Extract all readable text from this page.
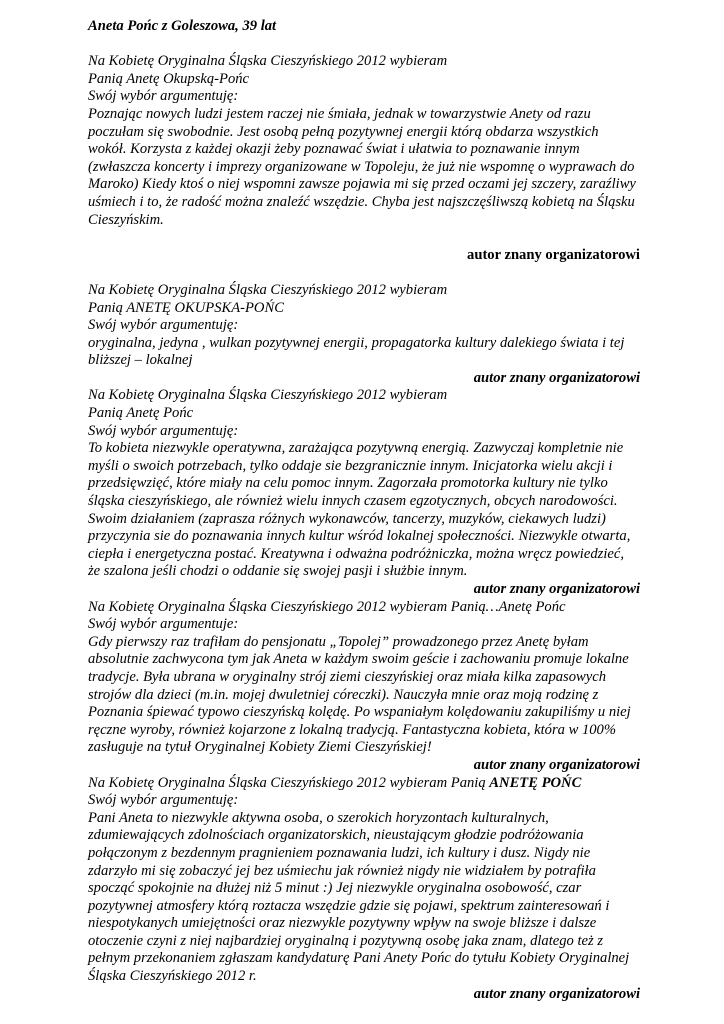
Aneta Pońc z Goleszowa, 39 lat
Na Kobietę Oryginalna Śląska Cieszyńskiego 2012 wybieram
Panią Anetę Okupską-Pońc
Swój wybór argumentuję:
Poznając nowych ludzi jestem raczej nie śmiała, jednak w towarzystwie Anety od razu
poczułam się swobodnie. Jest osobą pełną pozytywnej energii którą obdarza wszystkich
wokół. Korzysta z każdej okazji żeby poznawać świat i ułatwia to poznawanie innym
(zwłaszcza koncerty i imprezy organizowane w Topoleju, że już nie wspomnę o wyprawach do
Maroko) Kiedy ktoś o niej wspomni zawsze pojawia mi się przed oczami jej szczery, zaraźliwy
uśmiech i to, że radość można znaleźć wszędzie. Chyba jest najszczęśliwszą kobietą na Śląsku
Cieszyńskim.
autor znany organizatorowi
Na Kobietę Oryginalna Śląska Cieszyńskiego 2012 wybieram
Panią ANETĘ OKUPSKA-POŃC
Swój wybór argumentuję:
oryginalna, jedyna , wulkan pozytywnej energii, propagatorka kultury dalekiego świata i tej
bliższej – lokalnej
autor znany organizatorowi
Na Kobietę Oryginalna Śląska Cieszyńskiego 2012 wybieram
Panią Anetę Pońc
Swój wybór argumentuję:
To kobieta niezwykle operatywna, zarażająca pozytywną energią. Zazwyczaj kompletnie nie
myśli o swoich potrzebach, tylko oddaje sie bezgranicznie innym. Inicjatorka wielu akcji i
przedsięwzięć, które miały na celu pomoc innym. Zagorzała promotorka kultury nie tylko
śląska cieszyńskiego, ale również wielu innych czasem egzotycznych, obcych narodowości.
Swoim działaniem (zaprasza różnych wykonawców, tancerzy, muzyków, ciekawych ludzi)
przyczynia sie do poznawania innych kultur wśród lokalnej społeczności. Niezwykle otwarta,
ciepła i energetyczna postać. Kreatywna i odważna podróżniczka, można wręcz powiedzieć,
że szalona jeśli chodzi o oddanie się swojej pasji i służbie innym.
autor znany organizatorowi
Na Kobietę Oryginalna Śląska Cieszyńskiego 2012 wybieram Panią…Anetę Pońc
Swój wybór argumentuje:
Gdy pierwszy raz trafiłam do pensjonatu „Topolej” prowadzonego przez Anetę byłam
absolutnie zachwycona tym jak Aneta w każdym swoim geście i zachowaniu promuje lokalne
tradycje. Była ubrana w oryginalny strój ziemi cieszyńskiej oraz miała kilka zapasowych
strojów dla dzieci (m.in. mojej dwuletniej córeczki). Nauczyła mnie oraz moją rodzinę z
Poznania śpiewać typowo cieszyńską kolędę. Po wspaniałym kolędowaniu zakupiliśmy u niej
ręczne wyroby, również kojarzone z lokalną tradycją. Fantastyczna kobieta, która w 100%
zasługuje na tytuł Oryginalnej Kobiety Ziemi Cieszyńskiej!
autor znany organizatorowi
Na Kobietę Oryginalna Śląska Cieszyńskiego 2012 wybieram Panią ANETĘ POŃC
Swój wybór argumentuję:
Pani Aneta to niezwykle aktywna osoba, o szerokich horyzontach kulturalnych,
zdumiewających zdolnościach organizatorskich, nieustającym głodzie podróżowania
połączonym z bezdennym pragnieniem poznawania ludzi, ich kultury i dusz. Nigdy nie
zdarzyło mi się zobaczyć jej bez uśmiechu jak również nigdy nie widziałem by potrafiła
spocząć spokojnie na dłużej niż 5 minut :) Jej niezwykle oryginalna osobowość, czar
pozytywnej atmosfery którą roztacza wszędzie gdzie się pojawi, spektrum zainteresowań i
niespotykanych umiejętności oraz niezwykle pozytywny wpływ na swoje bliższe i dalsze
otoczenie czyni z niej najbardziej oryginalną i pozytywną osobę jaka znam, dlatego też z
pełnym przekonaniem zgłaszam kandydaturę Pani Anety Pońc do tytułu Kobiety Oryginalnej
Śląska Cieszyńskiego 2012 r.
autor znany organizatorowi
